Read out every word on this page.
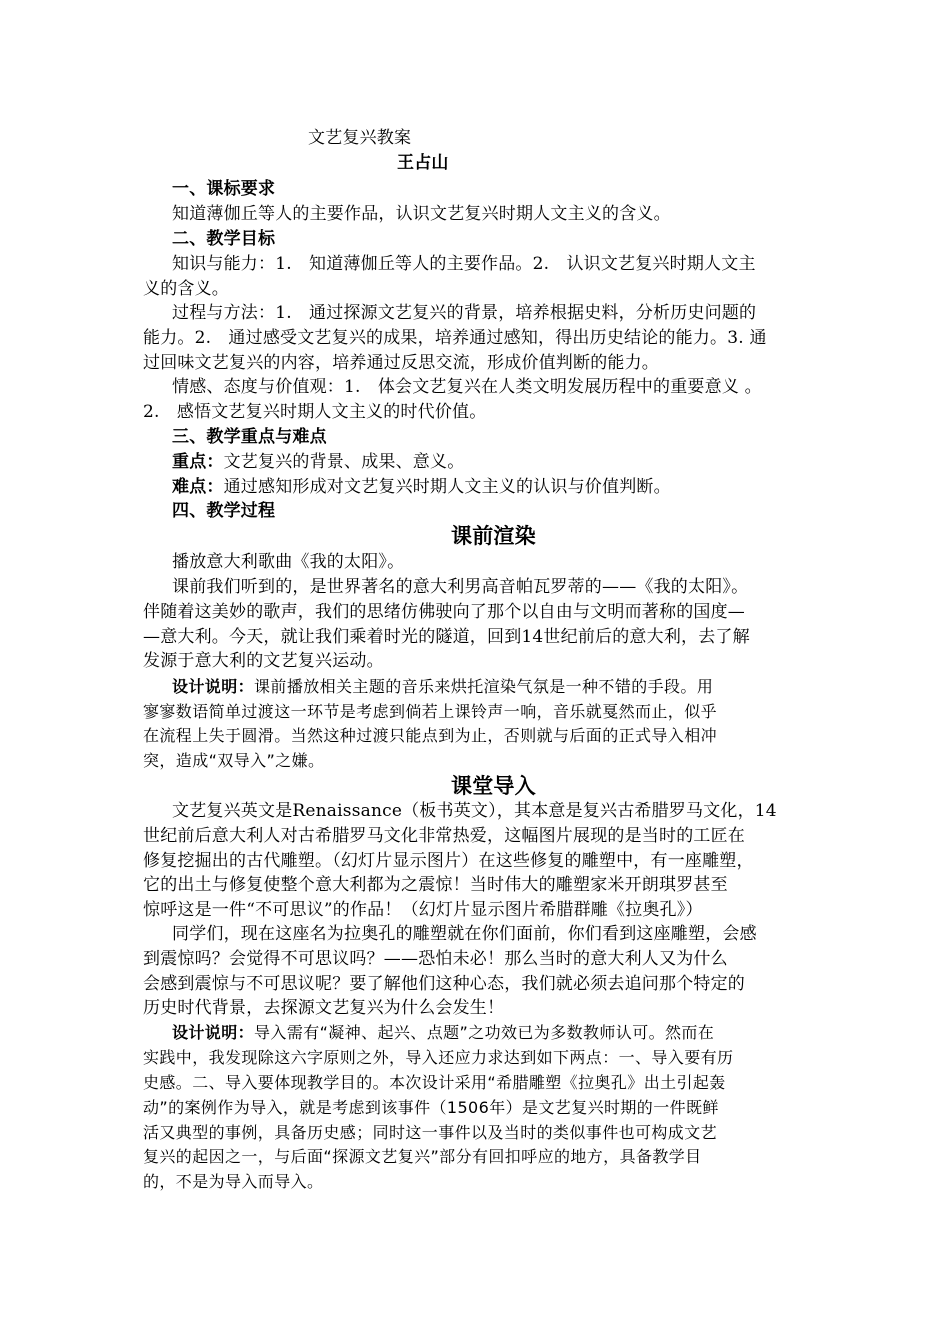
文艺复兴教案
王占山
一、课标要求
知道薄伽丘等人的主要作品，认识文艺复兴时期人文主义的含义。
二、教学目标
知识与能力：1.　知道薄伽丘等人的主要作品。2.　认识文艺复兴时期人文主
义的含义。
过程与方法：1.　通过探源文艺复兴的背景，培养根据史料，分析历史问题的
能力。2.　通过感受文艺复兴的成果，培养通过感知，得出历史结论的能力。3. 通
过回味文艺复兴的内容，培养通过反思交流，形成价值判断的能力。
情感、态度与价值观：1.　体会文艺复兴在人类文明发展历程中的重要意义 。
2.　感悟文艺复兴时期人文主义的时代价值。
三、教学重点与难点
重点：文艺复兴的背景、成果、意义。
难点：通过感知形成对文艺复兴时期人文主义的认识与价值判断。
四、教学过程
课前渲染
播放意大利歌曲《我的太阳》。
课前我们听到的，是世界著名的意大利男高音帕瓦罗蒂的——《我的太阳》。
伴随着这美妙的歌声，我们的思绪仿佛驶向了那个以自由与文明而著称的国度—
—意大利。今天，就让我们乘着时光的隧道，回到14世纪前后的意大利，去了解
发源于意大利的文艺复兴运动。
设计说明：课前播放相关主题的音乐来烘托渲染气氛是一种不错的手段。用
寥寥数语简单过渡这一环节是考虑到倘若上课铃声一响，音乐就戛然而止，似乎
在流程上失于圆滑。当然这种过渡只能点到为止，否则就与后面的正式导入相冲
突，造成“双导入”之嫌。
课堂导入
文艺复兴英文是Renaissance（板书英文），其本意是复兴古希腊罗马文化，14
世纪前后意大利人对古希腊罗马文化非常热爱，这幅图片展现的是当时的工匠在
修复挖掘出的古代雕塑。（幻灯片显示图片）在这些修复的雕塑中，有一座雕塑，
它的出土与修复使整个意大利都为之震惊！当时伟大的雕塑家米开朗琪罗甚至
惊呼这是一件“不可思议”的作品！（幻灯片显示图片希腊群雕《拉奥孔》）
同学们，现在这座名为拉奥孔的雕塑就在你们面前，你们看到这座雕塑，会感
到震惊吗？会觉得不可思议吗？——恐怕未必！那么当时的意大利人又为什么
会感到震惊与不可思议呢？要了解他们这种心态，我们就必须去追问那个特定的
历史时代背景，去探源文艺复兴为什么会发生！
设计说明：导入需有“凝神、起兴、点题”之功效已为多数教师认可。然而在
实践中，我发现除这六字原则之外，导入还应力求达到如下两点：一、导入要有历
史感。二、导入要体现教学目的。本次设计采用“希腊雕塑《拉奥孔》出土引起轰
动”的案例作为导入，就是考虑到该事件（1506年）是文艺复兴时期的一件既鲜
活又典型的事例，具备历史感；同时这一事件以及当时的类似事件也可构成文艺
复兴的起因之一，与后面“探源文艺复兴”部分有回扣呼应的地方，具备教学目
的，不是为导入而导入。
